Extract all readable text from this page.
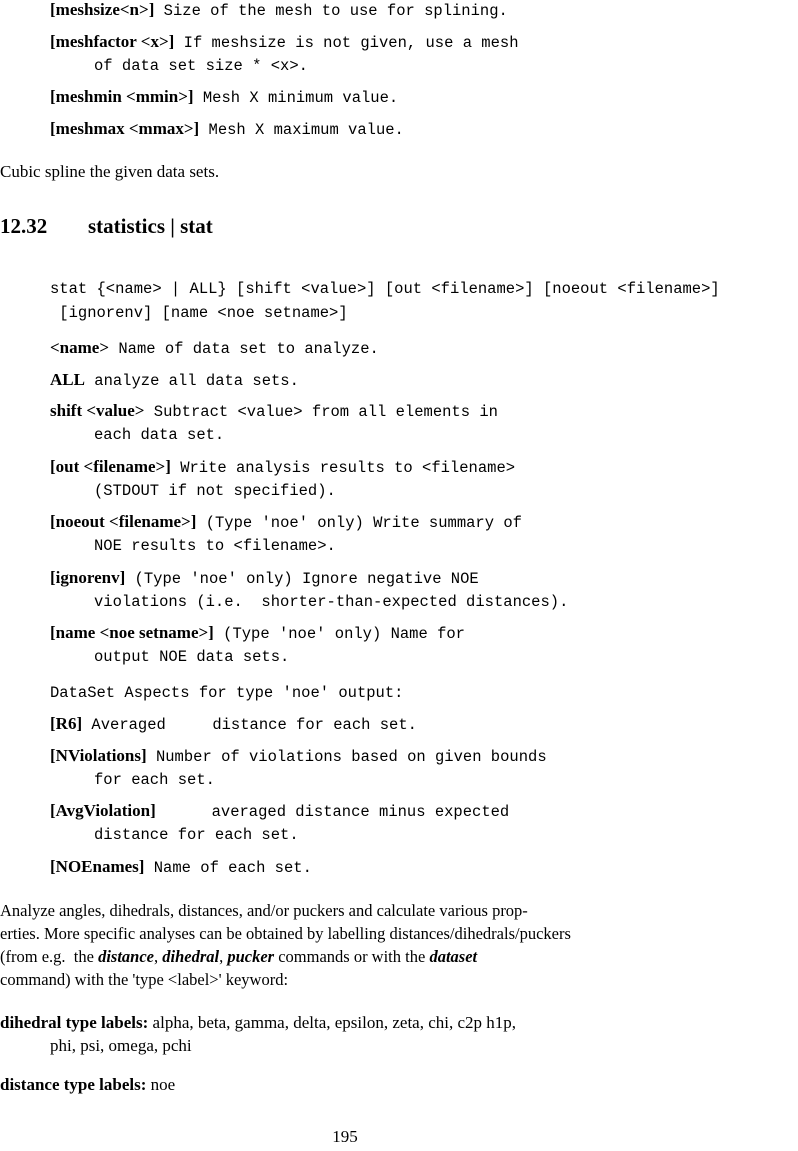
[meshsize<n>] Size of the mesh to use for splining.
[meshfactor <x>] If meshsize is not given, use a mesh
of data set size * <x>.
[meshmin <mmin>] Mesh X minimum value.
[meshmax <mmax>] Mesh X maximum value.
Cubic spline the given data sets.
12.32 statistics | stat
stat {<name> | ALL} [shift <value>] [out <filename>] [noeout <filename>]
[ignorenv] [name <noe setname>]
<name> Name of data set to analyze.
ALL analyze all data sets.
shift <value> Subtract <value> from all elements in
each data set.
[out <filename>] Write analysis results to <filename>
(STDOUT if not specified).
[noeout <filename>] (Type 'noe' only) Write summary of
NOE results to <filename>.
[ignorenv] (Type 'noe' only) Ignore negative NOE
violations (i.e.  shorter-than-expected distances).
[name <noe setname>] (Type 'noe' only) Name for
output NOE data sets.
DataSet Aspects for type 'noe' output:
[R6] Averaged     distance for each set.
[NViolations] Number of violations based on given bounds
for each set.
[AvgViolation]      averaged distance minus expected
distance for each set.
[NOEnames] Name of each set.
Analyze angles, dihedrals, distances, and/or puckers and calculate various prop-
erties. More specific analyses can be obtained by labelling distances/dihedrals/puckers
(from e.g.  the distance, dihedral, pucker commands or with the dataset
command) with the 'type <label>' keyword:
dihedral type labels: alpha, beta, gamma, delta, epsilon, zeta, chi, c2p h1p,
phi, psi, omega, pchi
distance type labels: noe
195
